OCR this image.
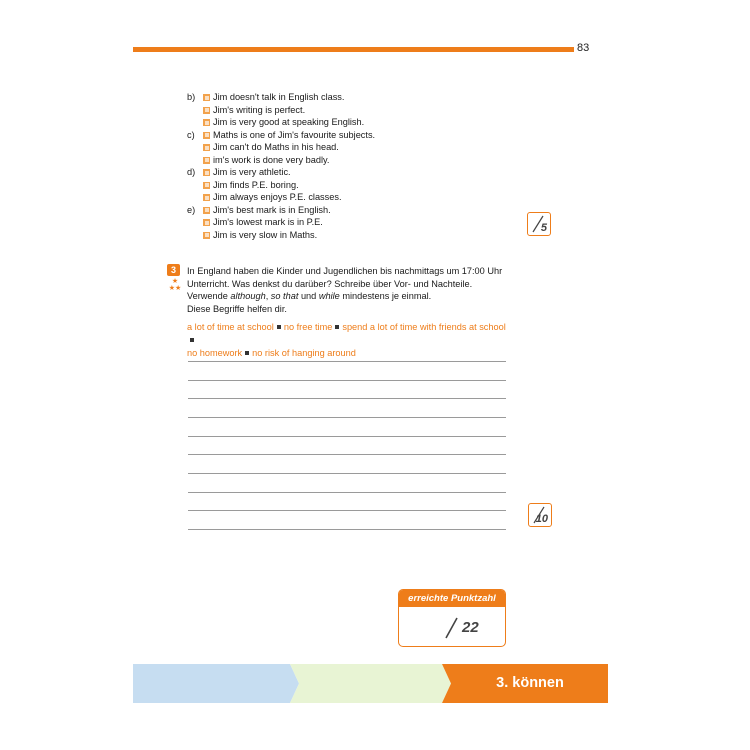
83
b)	Jim doesn't talk in English class.
Jim's writing is perfect.
Jim is very good at speaking English.
c)	Maths is one of Jim's favourite subjects.
Jim can't do Maths in his head.
im's work is done very badly.
d)	Jim is very athletic.
Jim finds P.E. boring.
Jim always enjoys P.E. classes.
e)	Jim's best mark is in English.
Jim's lowest mark is in P.E.
Jim is very slow in Maths.
5
3
★
★★
In England haben die Kinder und Jugendlichen bis nachmittags um 17:00 Uhr
Unterricht. Was denkst du darüber? Schreibe über Vor- und Nachteile.
Verwende although, so that und while mindestens je einmal.
Diese Begriffe helfen dir.
a lot of time at school no free time spend a lot of time with friends at school
no homework no risk of hanging around
10
erreichte Punktzahl
22
3. können
